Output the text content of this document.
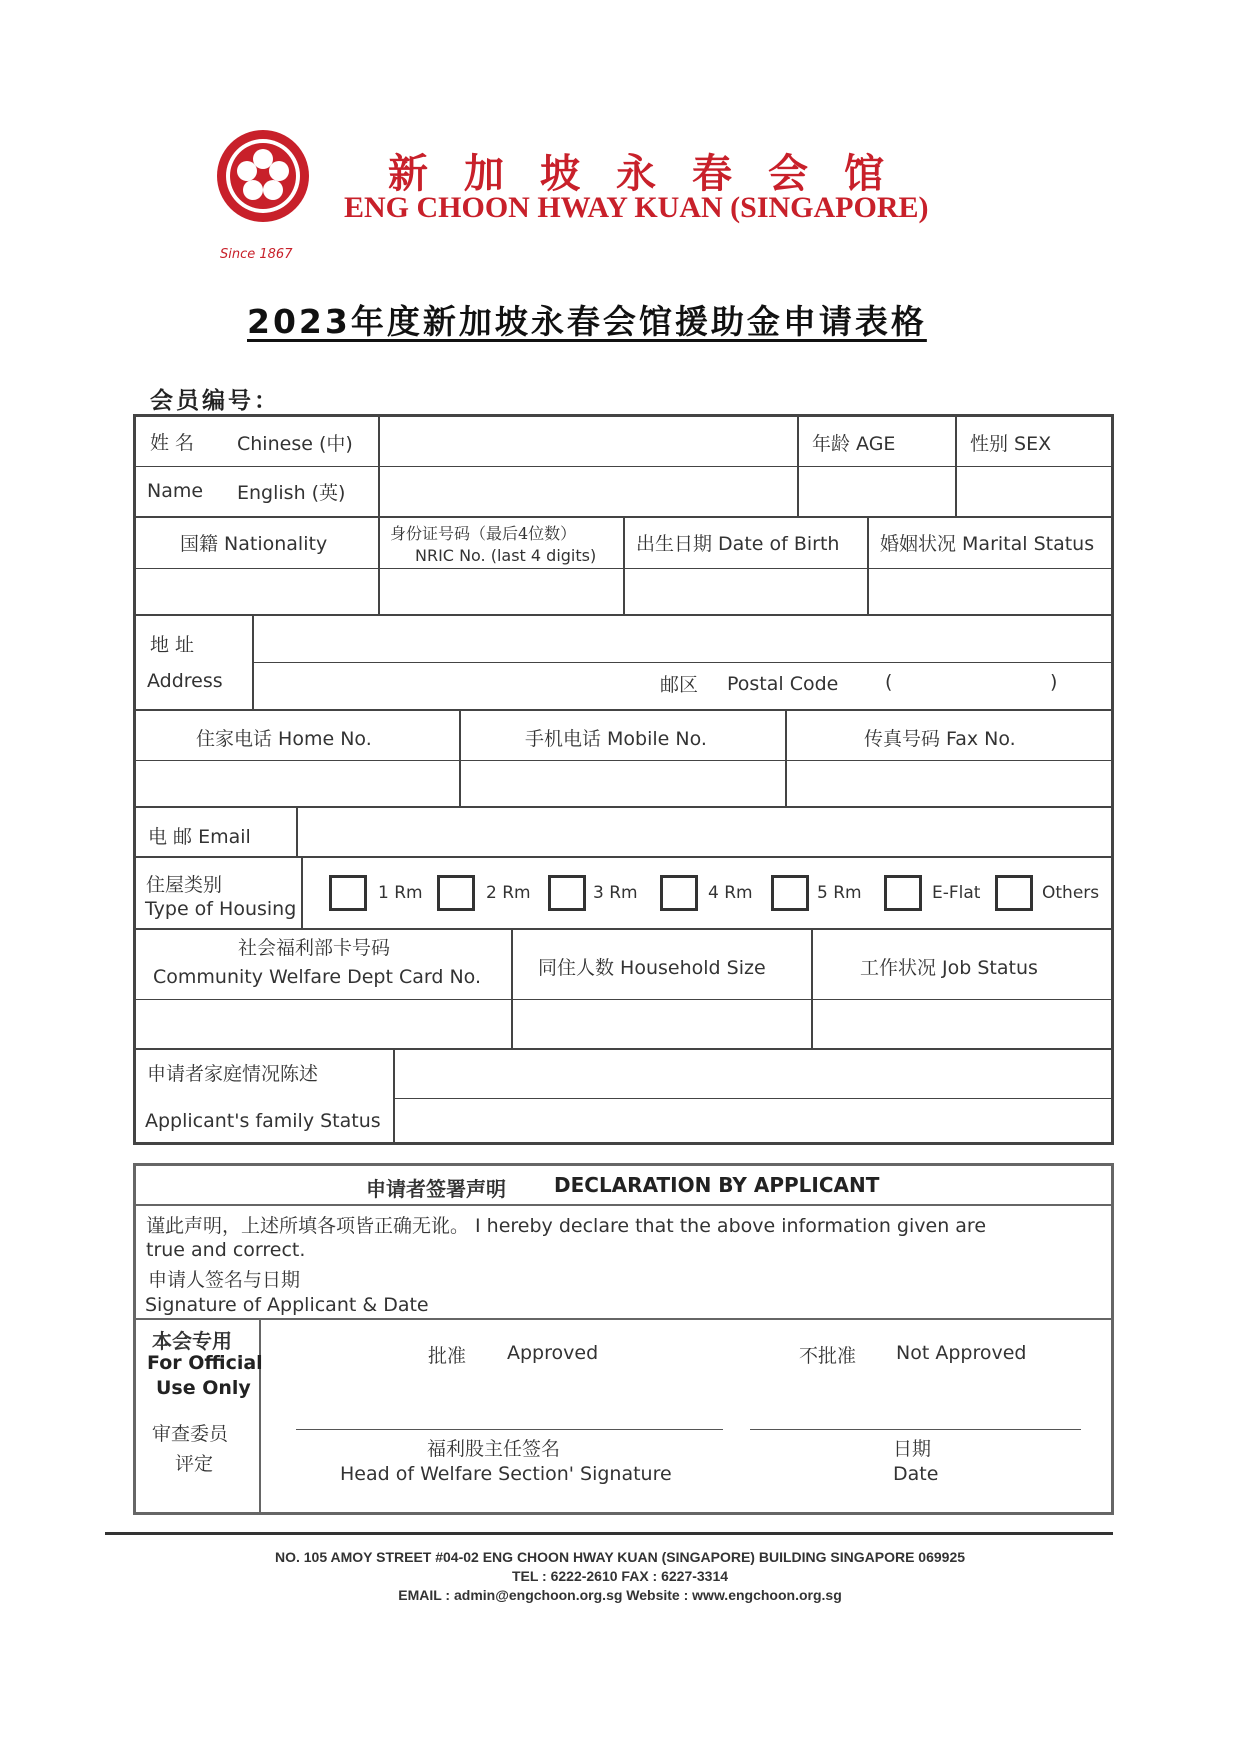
新加坡永春会馆
ENG CHOON HWAY KUAN (SINGAPORE)
Since 1867
2023年度新加坡永春会馆援助金申请表格
会员编号：
姓 名 Chinese (中)
Name English (英)
年龄 AGE	性别 SEX
国籍 Nationality	身份证号码（最后4位数）
NRIC No. (last 4 digits)
出生日期 Date of Birth 婚姻状况 Marital Status
地 址
Address	邮区 Postal Code (	)
住家电话 Home No.	手机电话 Mobile No.	传真号码 Fax No.
电 邮 Email
住屋类别
Type of Housing
1 Rm	2 Rm	3 Rm	4 Rm	5 Rm	E-Flat	Others
社会福利部卡号码
Community Welfare Dept Card No.	同住人数 Household Size	工作状况 Job Status
申请者家庭情况陈述
Applicant's family Status
申请者签署声明 DECLARATION BY APPLICANT
谨此声明，上述所填各项皆正确无讹。 I hereby declare that the above information given are
true and correct.
申请人签名与日期
Signature of Applicant & Date
本会专用
For Official
Use Only
审查委员
评定
批准 Approved	不批准 Not Approved
福利股主任签名
Head of Welfare Section' Signature
日期
Date
NO. 105 AMOY STREET #04-02 ENG CHOON HWAY KUAN (SINGAPORE) BUILDING SINGAPORE 069925
TEL : 6222-2610 FAX : 6227-3314
EMAIL : admin@engchoon.org.sg Website : www.engchoon.org.sg
